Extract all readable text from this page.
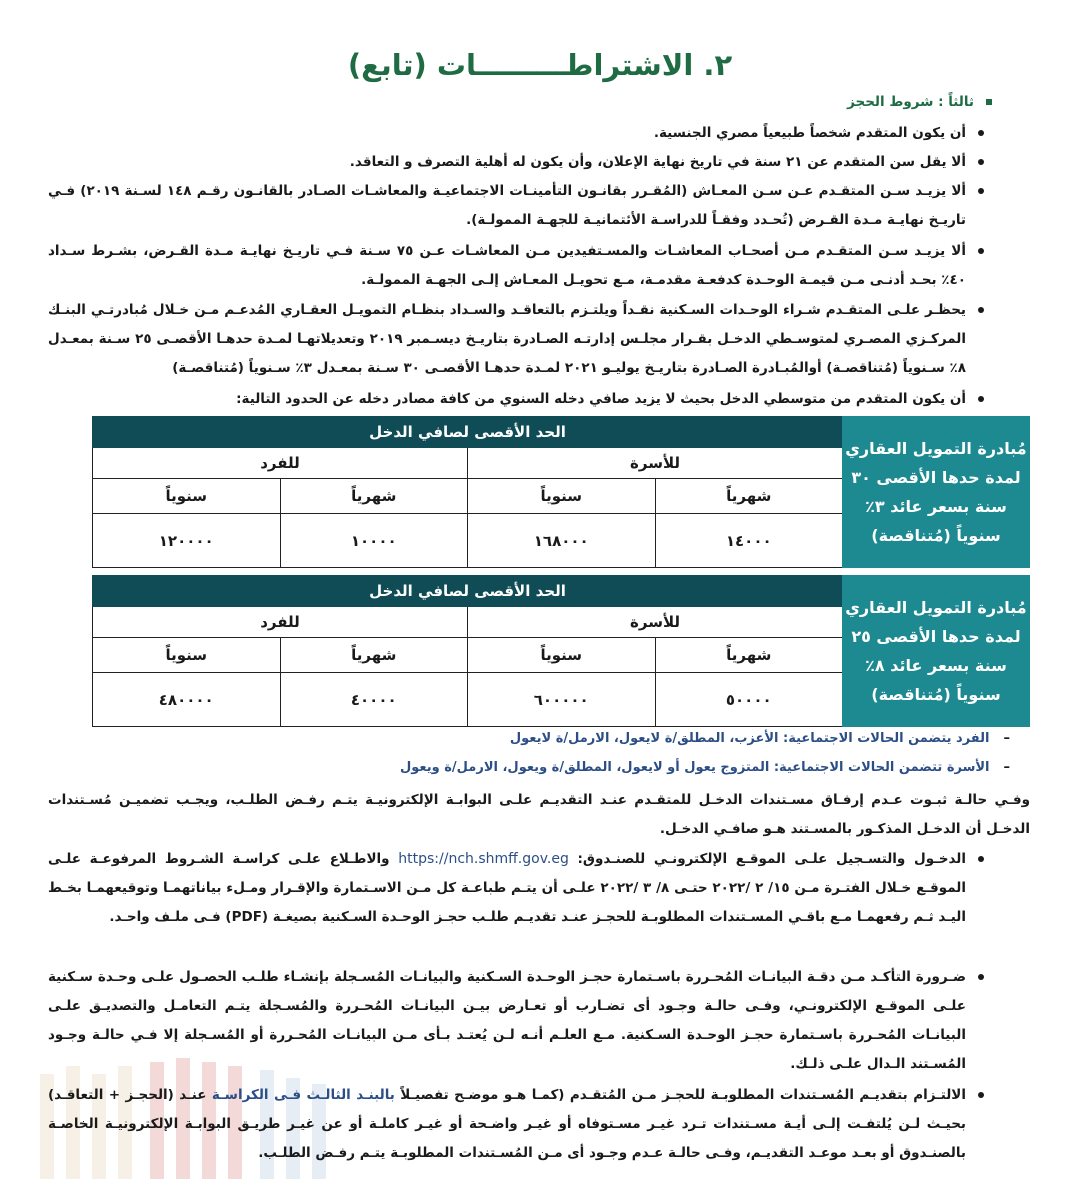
٢. الاشتراطـــــــــات (تابع)
ثالثاً : شروط الحجز
أن يكون المتقدم شخصاً طبيعياً مصري الجنسية.
ألا يقل سن المتقدم عن ٢١ سنة في تاريخ نهاية الإعلان، وأن يكون له أهلية التصرف و التعاقد.
ألا يزيـد سـن المتقـدم عـن سـن المعـاش (المُقـرر بقانـون التأمينـات الاجتماعيـة والمعاشـات الصـادر بالقانـون رقـم ١٤٨ لسـنة ٢٠١٩) فـي تاريـخ نهايـة مـدة القـرض (تُحـدد وفقـاً للدراسـة الأئتمانيـة للجهـة الممولـة).
ألا يزيـد سـن المتقـدم مـن أصحـاب المعاشـات والمسـتفيدين مـن المعاشـات عـن ٧٥ سـنة فـي تاريـخ نهايـة مـدة القـرض، بشـرط سـداد ٤٠٪ بحـد أدنـى مـن قيمـة الوحـدة كدفعـة مقدمـة، مـع تحويـل المعـاش إلـى الجهـة الممولـة.
يحظـر علـى المتقـدم شـراء الوحـدات السـكنية نقـداً ويلتـزم بالتعاقـد والسـداد بنظـام التمويـل العقـاري المُدعـم مـن خـلال مُبادرتـي البنـك المركـزي المصـري لمتوسـطي الدخـل بقـرار مجلـس إدارتـه الصـادرة بتاريـخ ديسـمبر ٢٠١٩ وتعديلاتهـا لمـدة حدهـا الأقصـى ٢٥ سـنة بمعـدل ٨٪ سـنوياً (مُتناقصـة) أوالمُبـادرة الصـادرة بتاريـخ يوليـو ٢٠٢١ لمـدة حدهـا الأقصـى ٣٠ سـنة بمعـدل ٣٪ سـنوياً (مُتناقصـة)
أن يكون المتقدم من متوسطي الدخل بحيث لا يزيد صافي دخله السنوي من كافة مصادر دخله عن الحدود التالية:
مُبادرة التمويل العقاري لمدة حدها الأقصى ٣٠ سنة بسعر عائد ٣٪ سنوياً (مُتناقصة)	الحد الأقصى لصافي الدخل			
	للأسرة		للفرد	
	شهرياً	سنوياً	شهرياً	سنوياً
	١٤٠٠٠	١٦٨٠٠٠	١٠٠٠٠	١٢٠٠٠٠
مُبادرة التمويل العقاري لمدة حدها الأقصى ٢٥ سنة بسعر عائد ٨٪ سنوياً (مُتناقصة)	الحد الأقصى لصافي الدخل			
	للأسرة		للفرد	
	شهرياً	سنوياً	شهرياً	سنوياً
	٥٠٠٠٠	٦٠٠٠٠٠	٤٠٠٠٠	٤٨٠٠٠٠
–الفرد يتضمن الحالات الاجتماعية: الأعزب، المطلق/ة لايعول، الارمل/ة لايعول
–الأسرة تتضمن الحالات الاجتماعية: المتزوج يعول أو لايعول، المطلق/ة ويعول، الارمل/ة ويعول
وفـي حالـة ثبـوت عـدم إرفـاق مسـتندات الدخـل للمتقـدم عنـد التقديـم علـى البوابـة الإلكترونيـة يتـم رفـض الطلـب، ويجـب تضميـن مُسـتندات الدخـل أن الدخـل المذكـور بالمسـتند هـو صافـي الدخـل.
الدخـول والتسـجيل علـى الموقـع الإلكترونـي للصنـدوق: https://nch.shmff.gov.eg والاطـلاع علـى كراسـة الشـروط المرفوعـة علـى الموقـع خـلال الفتـرة مـن ١٥/ ٢ /٢٠٢٢ حتـى ٨/ ٣ /٢٠٢٢ علـى أن يتـم طباعـة كل مـن الاسـتمارة والإقـرار ومـلء بياناتهمـا وتوقيعهمـا بخـط اليـد ثـم رفعهمـا مـع باقـي المسـتندات المطلوبـة للحجـز عنـد تقديـم طلـب حجـز الوحـدة السـكنية بصيغـة (PDF) فـى ملـف واحـد.
ضـرورة التأكـد مـن دقـة البيانـات المُحـررة باسـتمارة حجـز الوحـدة السـكنية والبيانـات المُسـجلة بإنشـاء طلـب الحصـول علـى وحـدة سـكنية علـى الموقـع الإلكترونـي، وفـى حالـة وجـود أى تضـارب أو تعـارض بيـن البيانـات المُحـررة والمُسـجلة يتـم التعامـل والتصديـق علـى البيانـات المُحـررة باسـتمارة حجـز الوحـدة السـكنية. مـع العلـم أنـه لـن يُعتـد بـأى مـن البيانـات المُحـررة أو المُسـجلة إلا فـي حالـة وجـود المُسـتند الـدال علـى ذلـك.
الالتـزام بتقديـم المُسـتندات المطلوبـة للحجـز مـن المُتقـدم (كمـا هـو موضـح تفصيـلاً بالبنـد الثالـث فـى الكراسـة عنـد (الحجـز + التعاقـد) بحيـث لـن يُلتفـت إلـى أيـة مسـتندات تـرد غيـر مسـتوفاه أو غيـر واضـحة أو غيـر كاملـة أو عن غيـر طريـق البوابـة الإلكترونيـة الخاصـة بالصنـدوق أو بعـد موعـد التقديـم، وفـى حالـة عـدم وجـود أى مـن المُسـتندات المطلوبـة يتـم رفـض الطلـب.
